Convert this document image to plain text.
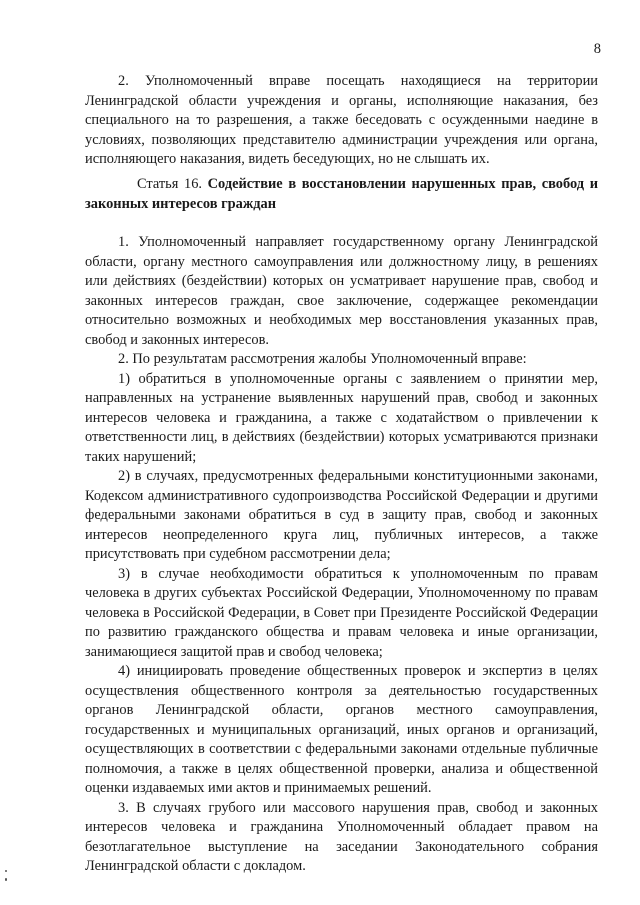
8

2. Уполномоченный вправе посещать находящиеся на территории Ленинградской области учреждения и органы, исполняющие наказания, без специального на то разрешения, а также беседовать с осужденными наедине в условиях, позволяющих представителю администрации учреждения или органа, исполняющего наказания, видеть беседующих, но не слышать их.

Статья 16. Содействие в восстановлении нарушенных прав, свобод и законных интересов граждан

1. Уполномоченный направляет государственному органу Ленинградской области, органу местного самоуправления или должностному лицу, в решениях или действиях (бездействии) которых он усматривает нарушение прав, свобод и законных интересов граждан, свое заключение, содержащее рекомендации относительно возможных и необходимых мер восстановления указанных прав, свобод и законных интересов.

2. По результатам рассмотрения жалобы Уполномоченный вправе:

1) обратиться в уполномоченные органы с заявлением о принятии мер, направленных на устранение выявленных нарушений прав, свобод и законных интересов человека и гражданина, а также с ходатайством о привлечении к ответственности лиц, в действиях (бездействии) которых усматриваются признаки таких нарушений;

2) в случаях, предусмотренных федеральными конституционными законами, Кодексом административного судопроизводства Российской Федерации и другими федеральными законами обратиться в суд в защиту прав, свобод и законных интересов неопределенного круга лиц, публичных интересов, а также присутствовать при судебном рассмотрении дела;

3) в случае необходимости обратиться к уполномоченным по правам человека в других субъектах Российской Федерации, Уполномоченному по правам человека в Российской Федерации, в Совет при Президенте Российской Федерации по развитию гражданского общества и правам человека и иные организации, занимающиеся защитой прав и свобод человека;

4) инициировать проведение общественных проверок и экспертиз в целях осуществления общественного контроля за деятельностью государственных органов Ленинградской области, органов местного самоуправления, государственных и муниципальных организаций, иных органов и организаций, осуществляющих в соответствии с федеральными законами отдельные публичные полномочия, а также в целях общественной проверки, анализа и общественной оценки издаваемых ими актов и принимаемых решений.

3. В случаях грубого или массового нарушения прав, свобод и законных интересов человека и гражданина Уполномоченный обладает правом на безотлагательное выступление на заседании Законодательного собрания Ленинградской области с докладом.
